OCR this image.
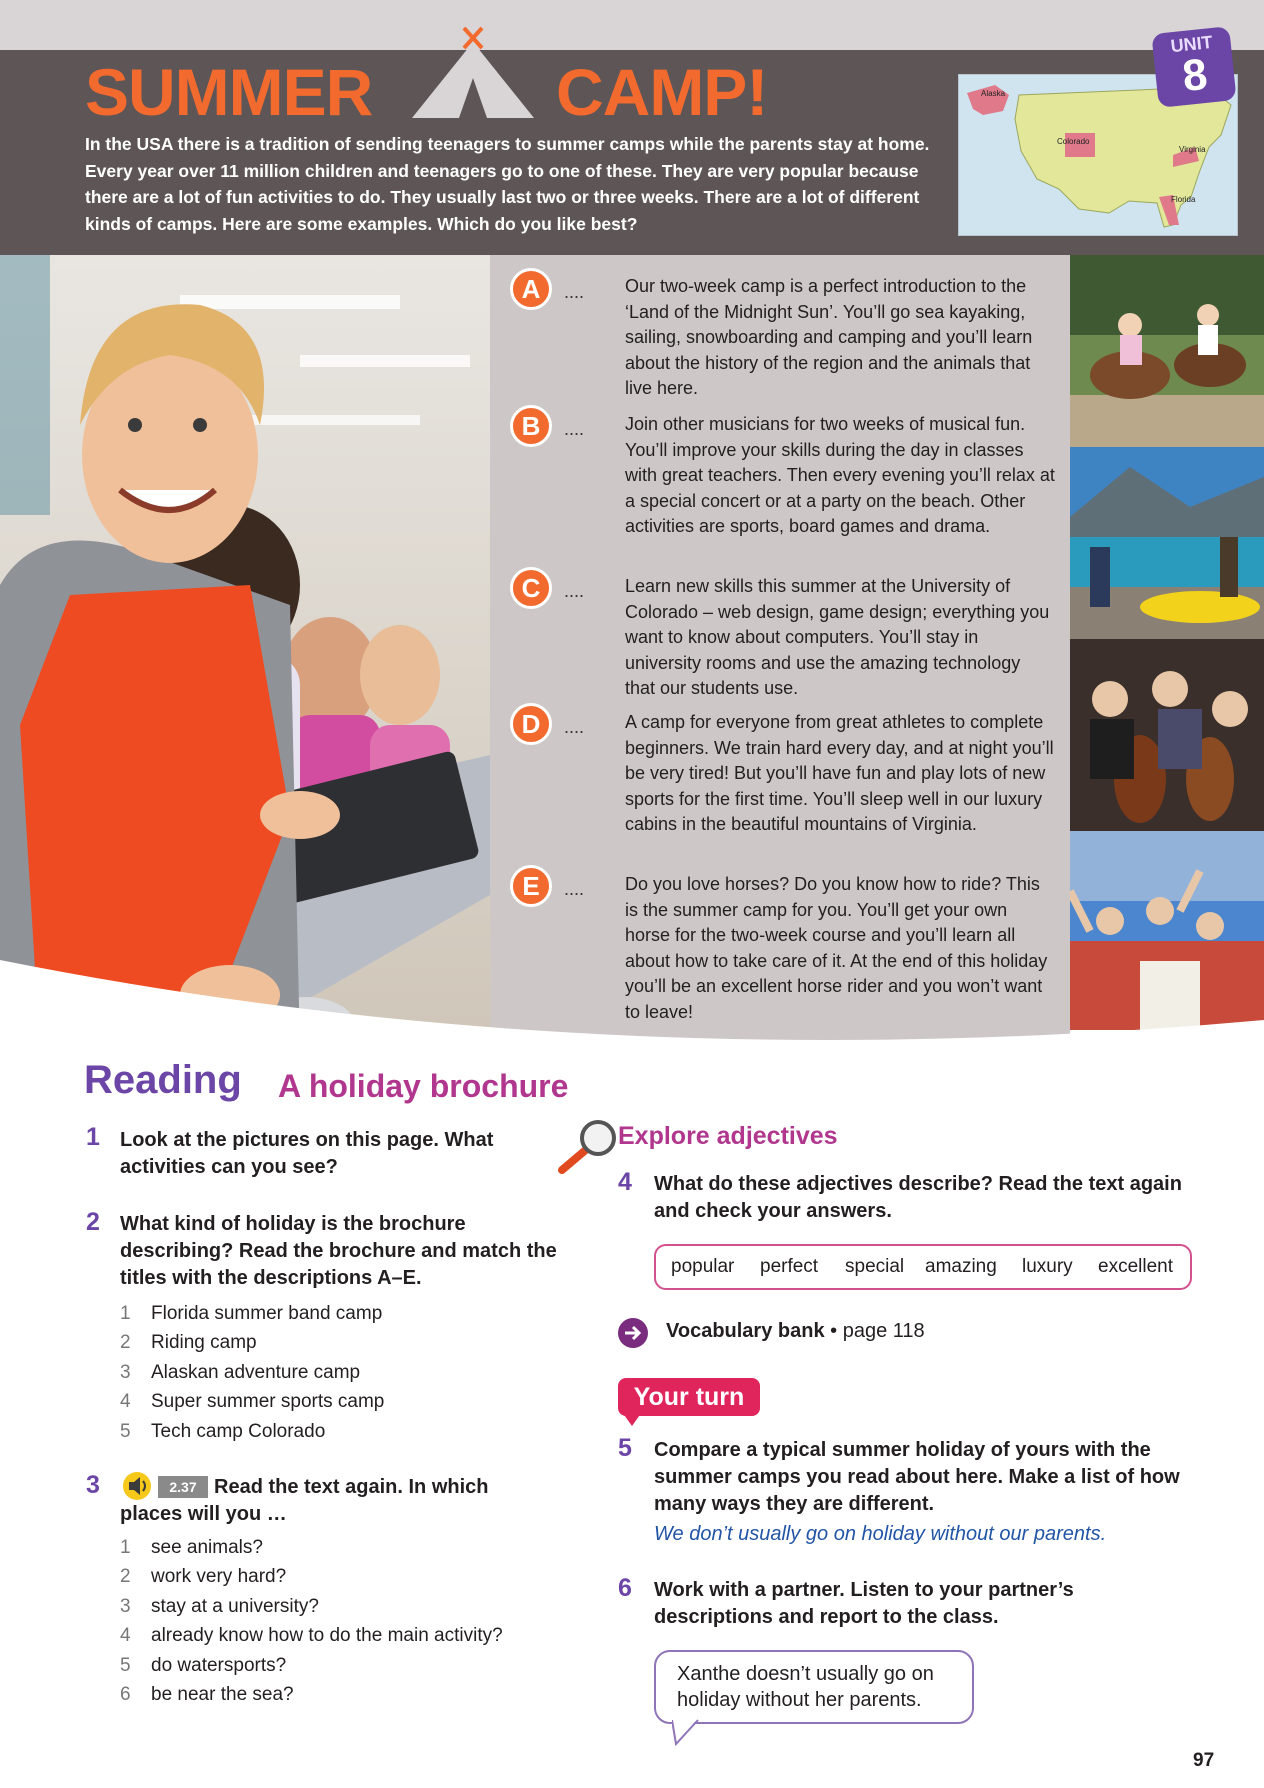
SUMMER	CAMP!
In the USA there is a tradition of sending teenagers to summer camps while the parents stay at home. Every year over 11 million children and teenagers go to one of these. They are very popular because there are a lot of fun activities to do. They usually last two or three weeks. There are a lot of different kinds of camps. Here are some examples. Which do you like best?
Alaska
Colorado
Virginia
Florida
UNIT
8
A	.... Our two-week camp is a perfect introduction to the ‘Land of the Midnight Sun’. You’ll go sea kayaking, sailing, snowboarding and camping and you’ll learn about the history of the region and the animals that live here.
B	.... Join other musicians for two weeks of musical fun. You’ll improve your skills during the day in classes with great teachers. Then every evening you’ll relax at a special concert or at a party on the beach. Other activities are sports, board games and drama.
C	.... Learn new skills this summer at the University of Colorado – web design, game design; everything you want to know about computers. You’ll stay in university rooms and use the amazing technology that our students use.
D	.... A camp for everyone from great athletes to complete beginners. We train hard every day, and at night you’ll be very tired! But you’ll have fun and play lots of new sports for the first time. You’ll sleep well in our luxury cabins in the beautiful mountains of Virginia.
E	.... Do you love horses? Do you know how to ride? This is the summer camp for you. You’ll get your own horse for the two-week course and you’ll learn all about how to take care of it. At the end of this holiday you’ll be an excellent horse rider and you won’t want to leave!
Reading A holiday brochure
1 Look at the pictures on this page. What activities can you see?
2 What kind of holiday is the brochure describing? Read the brochure and match the titles with the descriptions A–E.
1 Florida summer band camp
2 Riding camp
3 Alaskan adventure camp
4 Super summer sports camp
5 Tech camp Colorado
3	2.37 Read the text again. In which
places will you …
1 see animals?
2 work very hard?
3 stay at a university?
4 already know how to do the main activity?
5 do watersports?
6 be near the sea?
Explore adjectives
4 What do these adjectives describe? Read the text again and check your answers.
popular perfect special amazing luxury excellent
Vocabulary bank • page 118
Your turn
5 Compare a typical summer holiday of yours with the summer camps you read about here. Make a list of how many ways they are different.
We don’t usually go on holiday without our parents.
6 Work with a partner. Listen to your partner’s descriptions and report to the class.
Xanthe doesn’t usually go on holiday without her parents.
97
